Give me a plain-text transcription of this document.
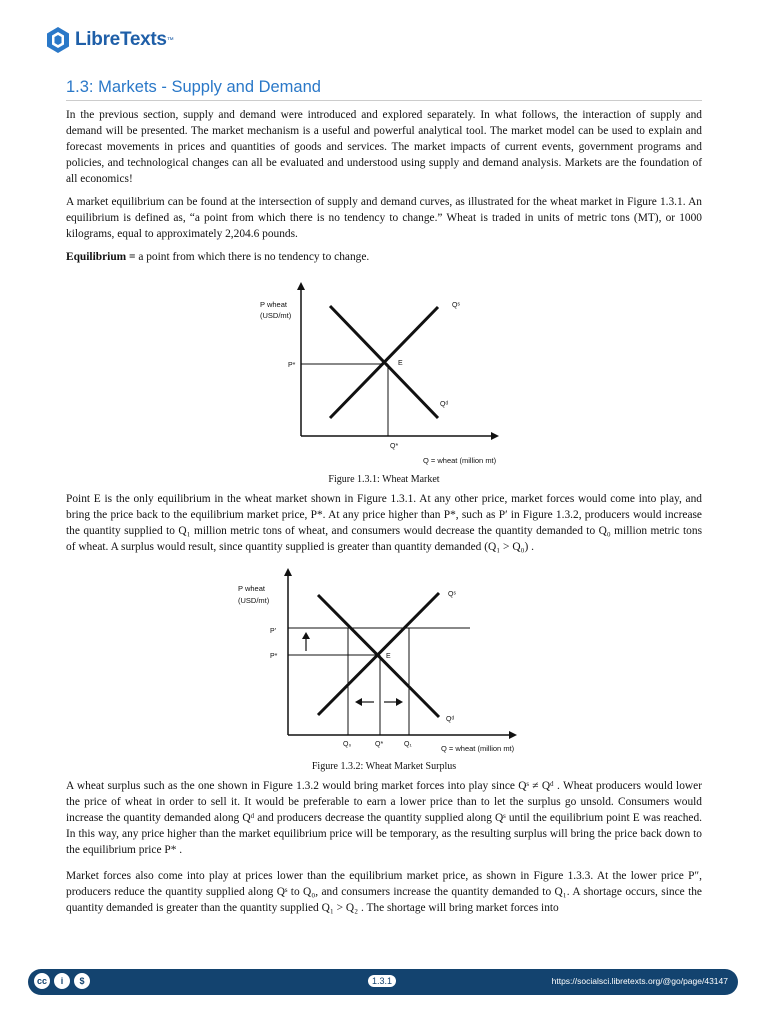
LibreTexts ™
1.3: Markets - Supply and Demand
In the previous section, supply and demand were introduced and explored separately. In what follows, the interaction of supply and demand will be presented. The market mechanism is a useful and powerful analytical tool. The market model can be used to explain and forecast movements in prices and quantities of goods and services. The market impacts of current events, government programs and policies, and technological changes can all be evaluated and understood using supply and demand analysis. Markets are the foundation of all economics!
A market equilibrium can be found at the intersection of supply and demand curves, as illustrated for the wheat market in Figure 1.3.1. An equilibrium is defined as, “a point from which there is no tendency to change.” Wheat is traded in units of metric tons (MT), or 1000 kilograms, equal to approximately 2,204.6 pounds.
Equilibrium = a point from which there is no tendency to change.
P wheat
(USD/mt)
Qˢ
Qᵈ
P*	E
Q*
Q = wheat (million mt)
Figure 1.3.1: Wheat Market
Point E is the only equilibrium in the wheat market shown in Figure 1.3.1. At any other price, market forces would come into play, and bring the price back to the equilibrium market price, P*. At any price higher than P*, such as P′ in Figure 1.3.2, producers would increase the quantity supplied to Q₁ million metric tons of wheat, and consumers would decrease the quantity demanded to Q₀ million metric tons of wheat. A surplus would result, since quantity supplied is greater than quantity demanded (Q₁ > Q₀) .
P wheat
(USD/mt)
Qˢ
Qᵈ
P'
P*	E
Q₀	Q*	Q₁	Q = wheat (million mt)
Figure 1.3.2: Wheat Market Surplus
A wheat surplus such as the one shown in Figure 1.3.2 would bring market forces into play since Qˢ ≠ Qᵈ . Wheat producers would lower the price of wheat in order to sell it. It would be preferable to earn a lower price than to let the surplus go unsold. Consumers would increase the quantity demanded along Qᵈ and producers decrease the quantity supplied along Qˢ until the equilibrium point E was reached. In this way, any price higher than the market equilibrium price will be temporary, as the resulting surplus will bring the price back down to the equilibrium price P* .
Market forces also come into play at prices lower than the equilibrium market price, as shown in Figure 1.3.3. At the lower price P″, producers reduce the quantity supplied along Qˢ to Q₀, and consumers increase the quantity demanded to Q₁. A shortage occurs, since the quantity demanded is greater than the quantity supplied Q₁ > Q₂ . The shortage will bring market forces into
cc	i	$	1.3.1	https://socialsci.libretexts.org/@go/page/43147
